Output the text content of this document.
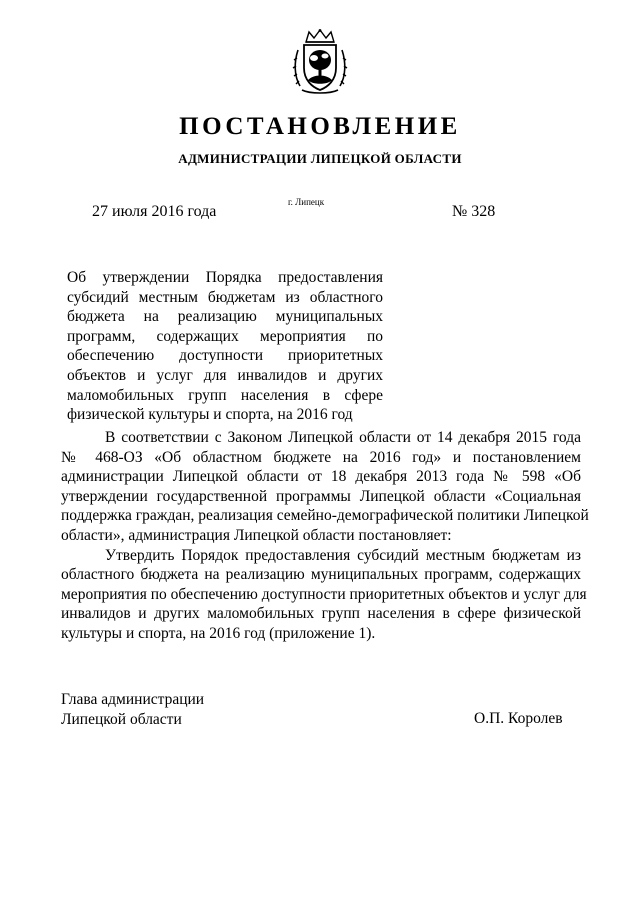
ПОСТАНОВЛЕНИЕ
АДМИНИСТРАЦИИ ЛИПЕЦКОЙ ОБЛАСТИ
27 июля 2016 года
г. Липецк
№ 328
Об утверждении Порядка предоставления
субсидий местным бюджетам из областного
бюджета на реализацию муниципальных
программ, содержащих мероприятия по
обеспечению доступности приоритетных
объектов и услуг для инвалидов и других
маломобильных групп населения в сфере
физической культуры и спорта, на 2016 год
В соответствии с Законом Липецкой области от 14 декабря 2015 года
№ 468-ОЗ «Об областном бюджете на 2016 год» и постановлением
администрации Липецкой области от 18 декабря 2013 года № 598 «Об
утверждении государственной программы Липецкой области «Социальная
поддержка граждан, реализация семейно-демографической политики Липецкой
области», администрация Липецкой области постановляет:
Утвердить Порядок предоставления субсидий местным бюджетам из
областного бюджета на реализацию муниципальных программ, содержащих
мероприятия по обеспечению доступности приоритетных объектов и услуг для
инвалидов и других маломобильных групп населения в сфере физической
культуры и спорта, на 2016 год (приложение 1).
Глава администрации
Липецкой области	О.П. Королев
